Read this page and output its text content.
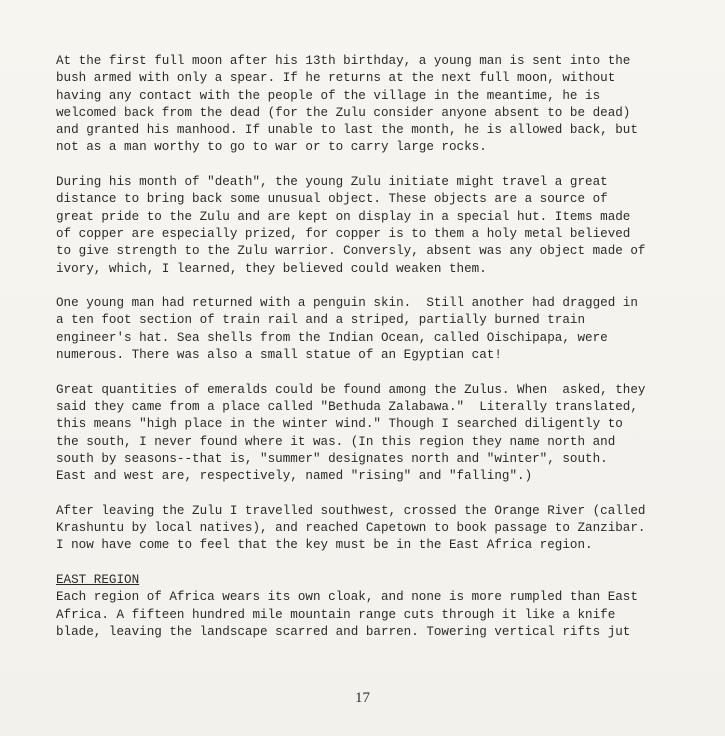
At the first full moon after his 13th birthday, a young man is sent into the
bush armed with only a spear. If he returns at the next full moon, without
having any contact with the people of the village in the meantime, he is
welcomed back from the dead (for the Zulu consider anyone absent to be dead)
and granted his manhood. If unable to last the month, he is allowed back, but
not as a man worthy to go to war or to carry large rocks.
During his month of "death", the young Zulu initiate might travel a great
distance to bring back some unusual object. These objects are a source of
great pride to the Zulu and are kept on display in a special hut. Items made
of copper are especially prized, for copper is to them a holy metal believed
to give strength to the Zulu warrior. Conversly, absent was any object made of
ivory, which, I learned, they believed could weaken them.
One young man had returned with a penguin skin.  Still another had dragged in
a ten foot section of train rail and a striped, partially burned train
engineer's hat. Sea shells from the Indian Ocean, called Oischipapa, were
numerous. There was also a small statue of an Egyptian cat!
Great quantities of emeralds could be found among the Zulus. When  asked, they
said they came from a place called "Bethuda Zalabawa."  Literally translated,
this means "high place in the winter wind." Though I searched diligently to
the south, I never found where it was. (In this region they name north and
south by seasons--that is, "summer" designates north and "winter", south.
East and west are, respectively, named "rising" and "falling".)
After leaving the Zulu I travelled southwest, crossed the Orange River (called
Krashuntu by local natives), and reached Capetown to book passage to Zanzibar.
I now have come to feel that the key must be in the East Africa region.
EAST REGION
Each region of Africa wears its own cloak, and none is more rumpled than East
Africa. A fifteen hundred mile mountain range cuts through it like a knife
blade, leaving the landscape scarred and barren. Towering vertical rifts jut
17
